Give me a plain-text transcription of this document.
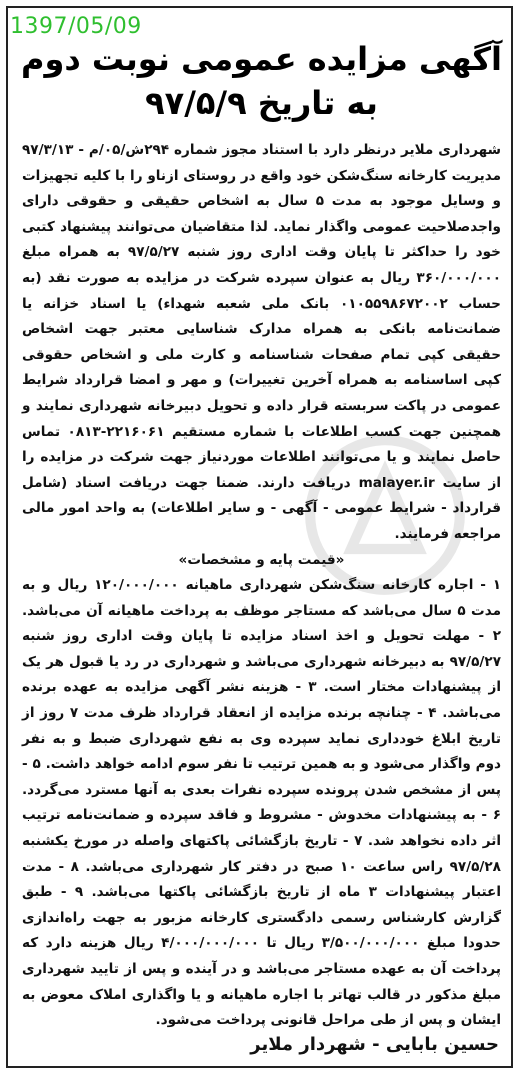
1397/05/09
آگهی مزایده عمومی نوبت دوم
به تاریخ ۹۷/۵/۹

شهرداری ملایر درنظر دارد با استناد مجوز شماره ۲۹۴ش/۰۵/م - ۹۷/۳/۱۳ مدیریت کارخانه سنگ‌شکن خود واقع در روستای ازناو را با کلیه تجهیزات و وسایل موجود به مدت ۵ سال به اشخاص حقیقی و حقوقی دارای واجدصلاحیت عمومی واگذار نماید. لذا متقاضیان می‌توانند پیشنهاد کتبی خود را حداکثر تا پایان وقت اداری روز شنبه ۹۷/۵/۲۷ به همراه مبلغ ۳۶۰/۰۰۰/۰۰۰ ریال به عنوان سپرده شرکت در مزایده به صورت نقد (به حساب ۰۱۰۵۵۹۸۶۷۲۰۰۲ بانک ملی شعبه شهداء) یا اسناد خزانه یا ضمانت‌نامه بانکی به همراه مدارک شناسایی معتبر جهت اشخاص حقیقی کپی تمام صفحات شناسنامه و کارت ملی و اشخاص حقوقی کپی اساسنامه به همراه آخرین تغییرات) و مهر و امضا قرارداد شرایط عمومی در پاکت سربسته قرار داده و تحویل دبیرخانه شهرداری نمایند و همچنین جهت کسب اطلاعات با شماره مستقیم ۲۲۱۶۰۶۱-۰۸۱۳ تماس حاصل نمایند و یا می‌توانند اطلاعات موردنیاز جهت شرکت در مزایده را از سایت malayer.ir دریافت دارند. ضمنا جهت دریافت اسناد (شامل قرارداد - شرایط عمومی - آگهی - و سایر اطلاعات) به واحد امور مالی مراجعه فرمایند.

«قیمت پایه و مشخصات»

۱ - اجاره کارخانه سنگ‌شکن شهرداری ماهیانه ۱۲۰/۰۰۰/۰۰۰ ریال و به مدت ۵ سال می‌باشد که مستاجر موظف به پرداخت ماهیانه آن می‌باشد. ۲ - مهلت تحویل و اخذ اسناد مزایده تا پایان وقت اداری روز شنبه ۹۷/۵/۲۷ به دبیرخانه شهرداری می‌باشد و شهرداری در رد یا قبول هر یک از پیشنهادات مختار است. ۳ - هزینه نشر آگهی مزایده به عهده برنده می‌باشد. ۴ - چنانچه برنده مزایده از انعقاد قرارداد ظرف مدت ۷ روز از تاریخ ابلاغ خودداری نماید سپرده وی به نفع شهرداری ضبط و به نفر دوم واگذار می‌شود و به همین ترتیب تا نفر سوم ادامه خواهد داشت. ۵ - پس از مشخص شدن پرونده سپرده نفرات بعدی به آنها مسترد می‌گردد. ۶ - به پیشنهادات مخدوش - مشروط و فاقد سپرده و ضمانت‌نامه ترتیب اثر داده نخواهد شد. ۷ - تاریخ بازگشائی پاکتهای واصله در مورخ یکشنبه ۹۷/۵/۲۸ راس ساعت ۱۰ صبح در دفتر کار شهرداری می‌باشد. ۸ - مدت اعتبار پیشنهادات ۳ ماه از تاریخ بازگشائی پاکتها می‌باشد. ۹ - طبق گزارش کارشناس رسمی دادگستری کارخانه مزبور به جهت راه‌اندازی حدودا مبلغ ۳/۵۰۰/۰۰۰/۰۰۰ ریال تا ۴/۰۰۰/۰۰۰/۰۰۰ ریال هزینه دارد که پرداخت آن به عهده مستاجر می‌باشد و در آینده و پس از تایید شهرداری مبلغ مذکور در قالب تهاتر با اجاره ماهیانه و یا واگذاری املاک معوض به ایشان و پس از طی مراحل قانونی پرداخت می‌شود.

حسین بابایی - شهردار ملایر
